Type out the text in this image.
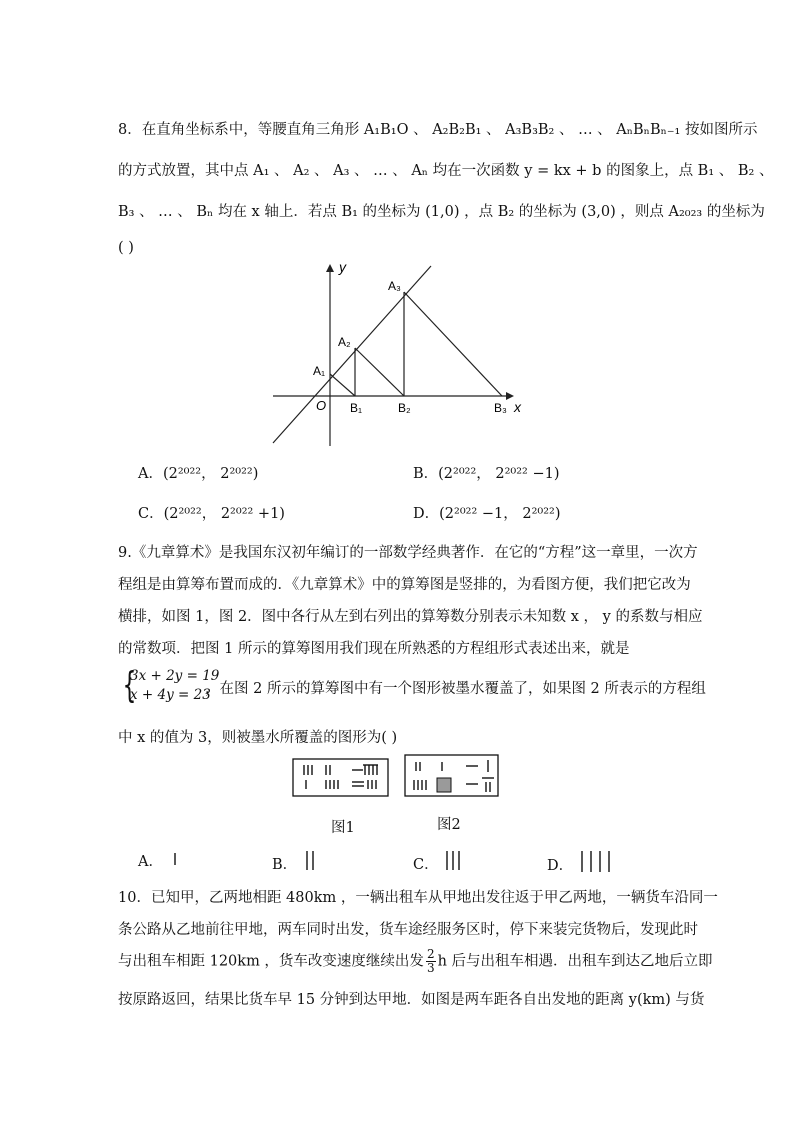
8．在直角坐标系中，等腰直角三角形 A₁B₁O 、 A₂B₂B₁ 、 A₃B₃B₂ 、 … 、 AₙBₙBₙ₋₁ 按如图所示
的方式放置，其中点 A₁ 、 A₂ 、 A₃ 、 … 、 Aₙ 均在一次函数 y = kx + b 的图象上，点 B₁ 、 B₂ 、
B₃ 、 … 、 Bₙ 均在 x 轴上．若点 B₁ 的坐标为 (1,0) ，点 B₂ 的坐标为 (3,0) ，则点 A₂₀₂₃ 的坐标为
( )
y
x
O
A₁
A₂
A₃
B₁	B₂	B₃
A．(2²⁰²²， 2²⁰²²)	B．(2²⁰²²， 2²⁰²² −1)
C．(2²⁰²²， 2²⁰²² +1)	D．(2²⁰²² −1， 2²⁰²²)
9.《九章算术》是我国东汉初年编订的一部数学经典著作．在它的“方程”这一章里，一次方
程组是由算筹布置而成的．《九章算术》中的算筹图是竖排的，为看图方便，我们把它改为
横排，如图 1，图 2．图中各行从左到右列出的算筹数分别表示未知数 x ， y 的系数与相应
的常数项．把图 1 所示的算筹图用我们现在所熟悉的方程组形式表述出来，就是
{
3x + 2y = 19
x + 4y = 23
，在图 2 所示的算筹图中有一个图形被墨水覆盖了，如果图 2 所表示的方程组
中 x 的值为 3，则被墨水所覆盖的图形为( )
图1	图2
A．	B．	C．	D．
10．已知甲，乙两地相距 480km ，一辆出租车从甲地出发往返于甲乙两地，一辆货车沿同一
条公路从乙地前往甲地，两车同时出发，货车途经服务区时，停下来装完货物后，发现此时
与出租车相距 120km ，货车改变速度继续出发 $\frac{2}{3}$ h 后与出租车相遇．出租车到达乙地后立即
按原路返回，结果比货车早 15 分钟到达甲地．如图是两车距各自出发地的距离 y(km) 与货
